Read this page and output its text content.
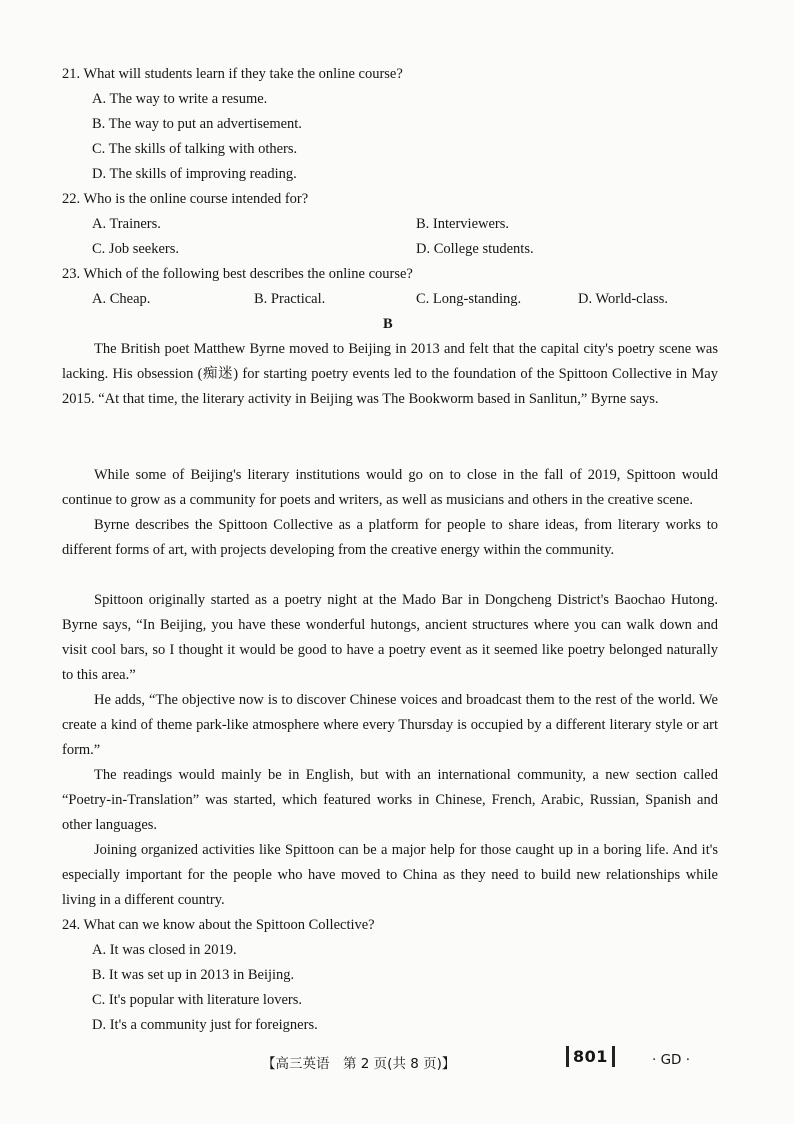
21. What will students learn if they take the online course?
A. The way to write a resume.
B. The way to put an advertisement.
C. The skills of talking with others.
D. The skills of improving reading.
22. Who is the online course intended for?
A. Trainers.	B. Interviewers.
C. Job seekers.	D. College students.
23. Which of the following best describes the online course?
A. Cheap.	B. Practical.	C. Long-standing.	D. World-class.
B

The British poet Matthew Byrne moved to Beijing in 2013 and felt that the capital city's poetry scene was lacking. His obsession (痴迷) for starting poetry events led to the foundation of the Spittoon Collective in May 2015. “At that time, the literary activity in Beijing was The Bookworm based in Sanlitun,” Byrne says.

While some of Beijing's literary institutions would go on to close in the fall of 2019, Spittoon would continue to grow as a community for poets and writers, as well as musicians and others in the creative scene.

Byrne describes the Spittoon Collective as a platform for people to share ideas, from literary works to different forms of art, with projects developing from the creative energy within the community.

Spittoon originally started as a poetry night at the Mado Bar in Dongcheng District's Baochao Hutong. Byrne says, “In Beijing, you have these wonderful hutongs, ancient structures where you can walk down and visit cool bars, so I thought it would be good to have a poetry event as it seemed like poetry belonged naturally to this area.”

He adds, “The objective now is to discover Chinese voices and broadcast them to the rest of the world. We create a kind of theme park-like atmosphere where every Thursday is occupied by a different literary style or art form.”

The readings would mainly be in English, but with an international community, a new section called “Poetry-in-Translation” was started, which featured works in Chinese, French, Arabic, Russian, Spanish and other languages.

Joining organized activities like Spittoon can be a major help for those caught up in a boring life. And it's especially important for the people who have moved to China as they need to build new relationships while living in a different country.

24. What can we know about the Spittoon Collective?
A. It was closed in 2019.
B. It was set up in 2013 in Beijing.
C. It's popular with literature lovers.
D. It's a community just for foreigners.
【高三英语　第 2 页(共 8 页)】	801	· GD ·
